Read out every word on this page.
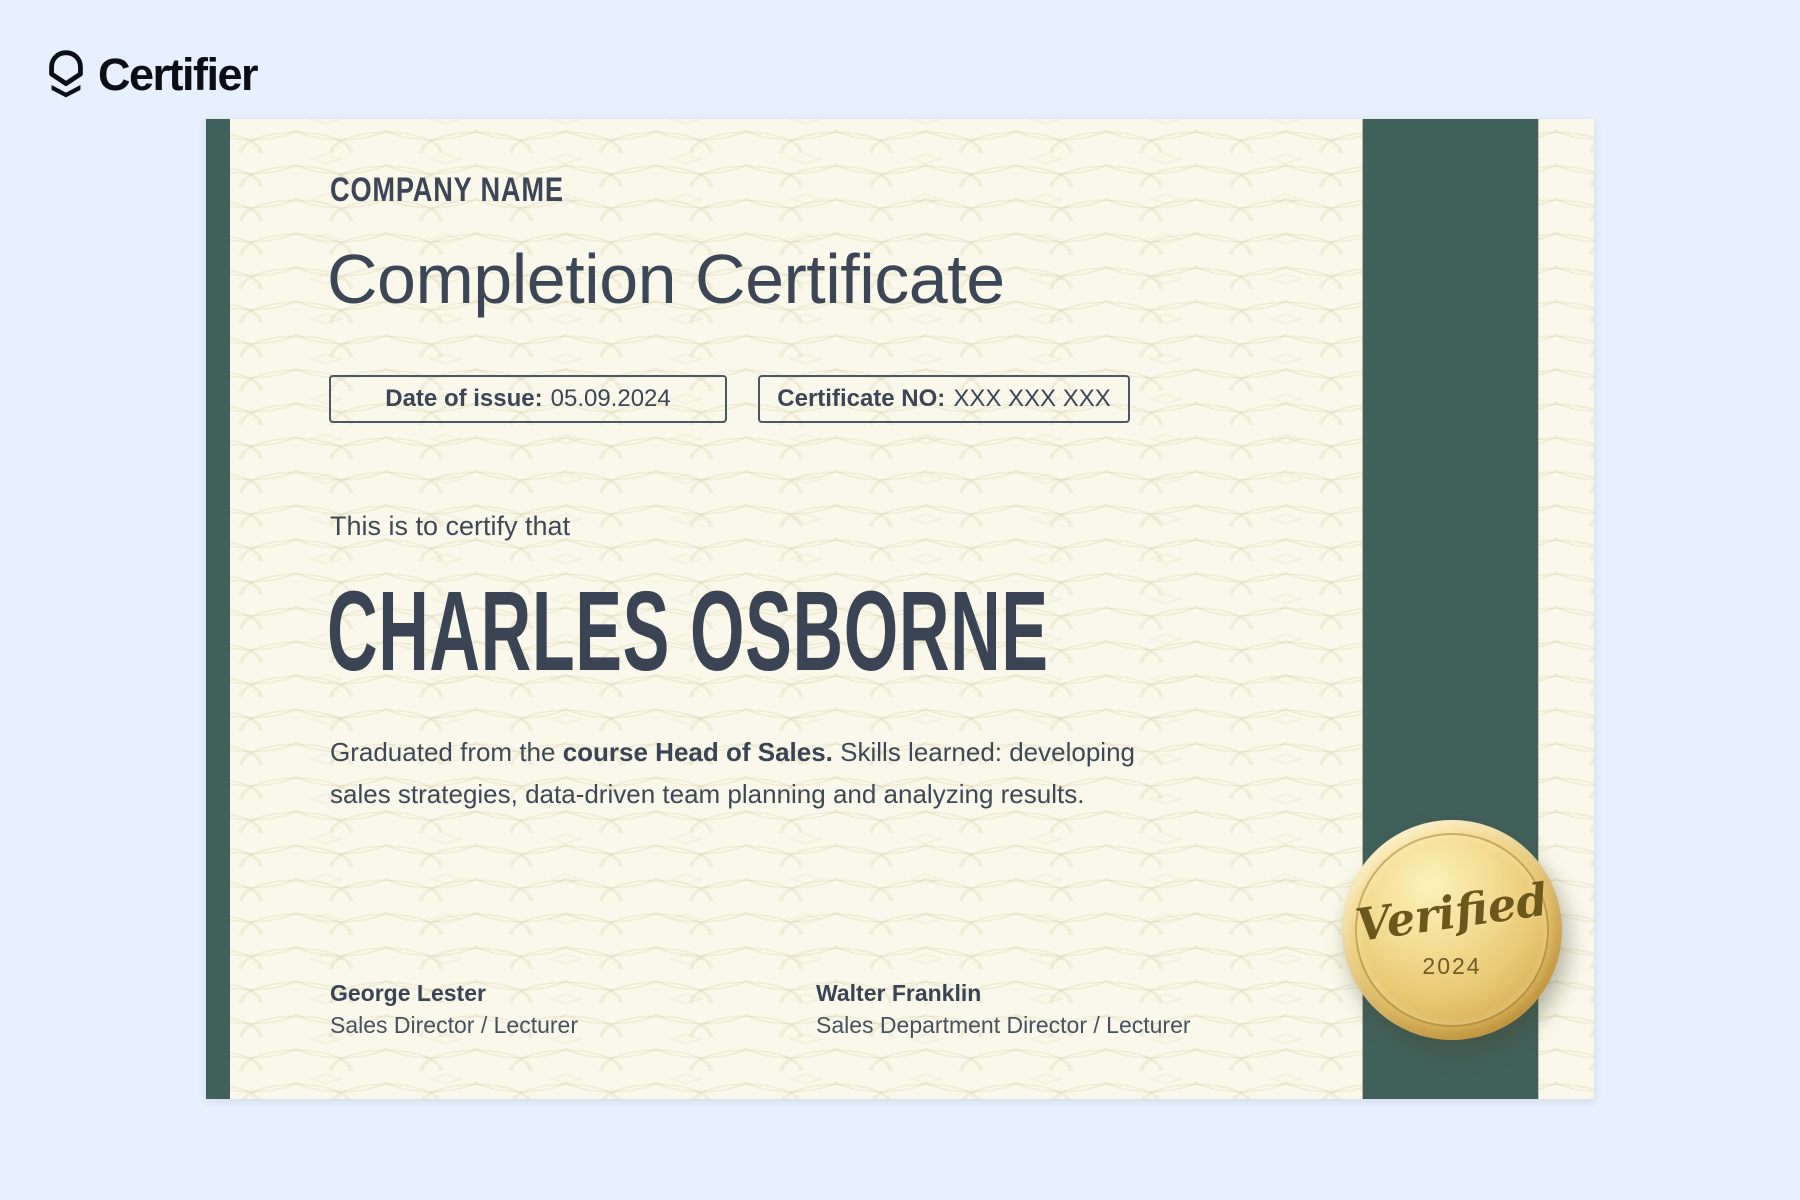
Certifier
COMPANY NAME
Completion Certificate
Date of issue: 05.09.2024	Certificate NO: XXX XXX XXX
This is to certify that
CHARLES OSBORNE
Graduated from the course Head of Sales. Skills learned: developing
sales strategies, data-driven team planning and analyzing results.
George Lester
Sales Director / Lecturer
Walter Franklin
Sales Department Director / Lecturer
Verified
2024
